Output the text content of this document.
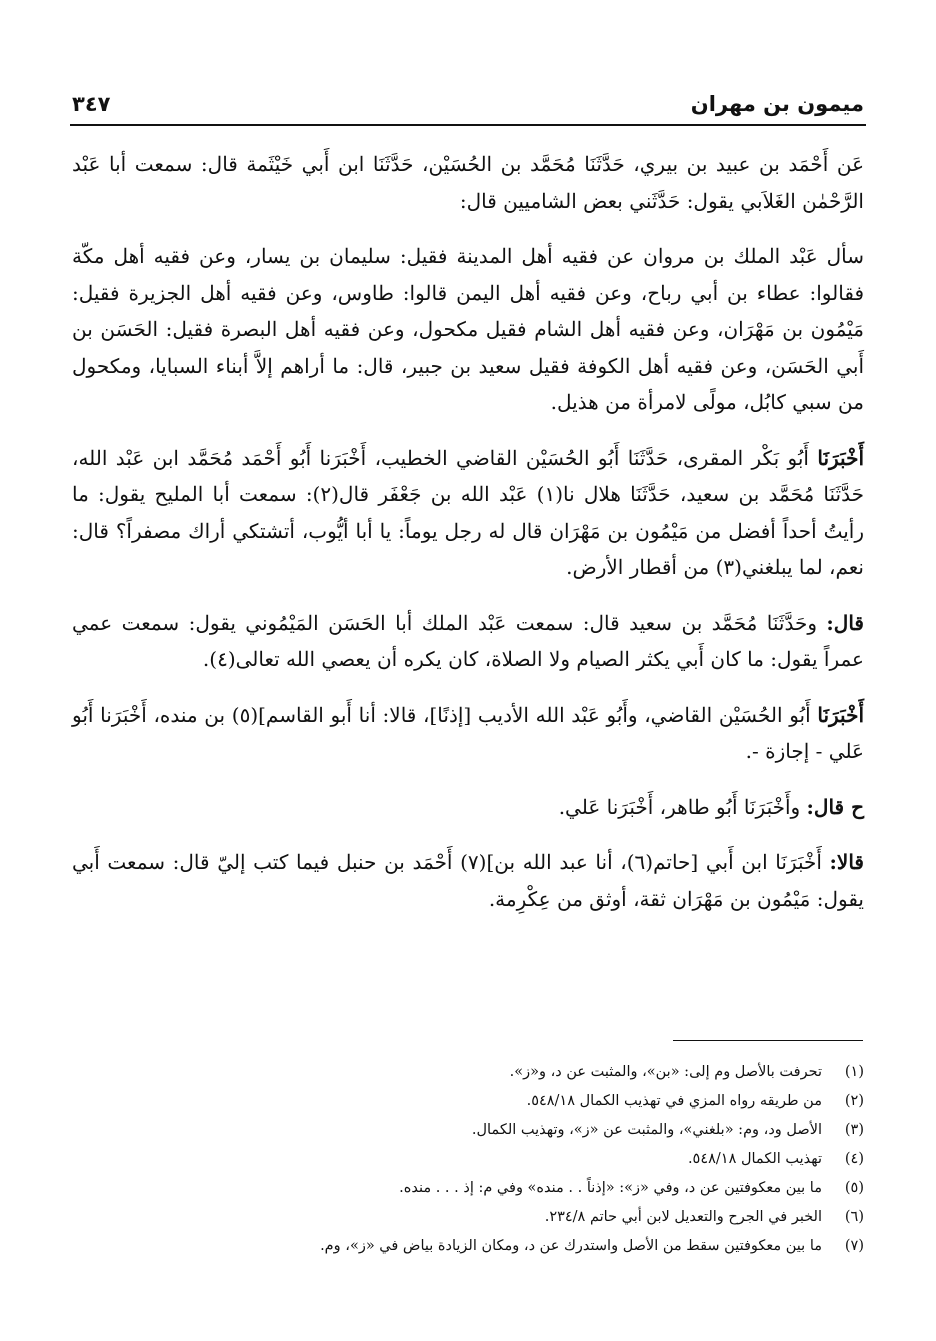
ميمون بن مهران
٣٤٧

عَن أَحْمَد بن عبيد بن بيري، حَدَّثَنَا مُحَمَّد بن الحُسَيْن، حَدَّثَنَا ابن أَبي خَيْثَمة قال: سمعت أبا عَبْد الرَّحْمٰن الغَلاَبي يقول: حَدَّثَني بعض الشاميين قال:

سأل عَبْد الملك بن مروان عن فقيه أهل المدينة فقيل: سليمان بن يسار، وعن فقيه أهل مكّة فقالوا: عطاء بن أبي رباح، وعن فقيه أهل اليمن قالوا: طاوس، وعن فقيه أهل الجزيرة فقيل: مَيْمُون بن مَهْرَان، وعن فقيه أهل الشام فقيل مكحول، وعن فقيه أهل البصرة فقيل: الحَسَن بن أَبي الحَسَن، وعن فقيه أهل الكوفة فقيل سعيد بن جبير، قال: ما أراهم إلاَّ أبناء السبايا، ومكحول من سبي كابُل، مولًى لامرأة من هذيل.

أَخْبَرَنَا أَبُو بَكْر المقرى، حَدَّثَنَا أَبُو الحُسَيْن القاضي الخطيب، أَخْبَرَنا أَبُو أَحْمَد مُحَمَّد ابن عَبْد الله، حَدَّثَنَا مُحَمَّد بن سعيد، حَدَّثَنَا هلال نا(١) عَبْد الله بن جَعْفَر قال(٢): سمعت أبا المليح يقول: ما رأيتُ أحداً أفضل من مَيْمُون بن مَهْرَان قال له رجل يوماً: يا أبا أيُّوب، أتشتكي أراك مصفراً؟ قال: نعم، لما يبلغني(٣) من أقطار الأرض.

قال: وحَدَّثَنَا مُحَمَّد بن سعيد قال: سمعت عَبْد الملك أبا الحَسَن المَيْمُوني يقول: سمعت عمي عمراً يقول: ما كان أَبي يكثر الصيام ولا الصلاة، كان يكره أن يعصي الله تعالى(٤).

أَخْبَرَنَا أَبُو الحُسَيْن القاضي، وأَبُو عَبْد الله الأديب [إذنًا]، قالا: أنا أَبو القاسم](٥) بن منده، أَخْبَرَنا أَبُو عَلي - إجازة -.

ح قال: وأَخْبَرَنَا أَبُو طاهر، أَخْبَرَنا عَلي.

قالا: أَخْبَرَنَا ابن أَبي [حاتم(٦)، أنا عبد الله بن](٧) أَحْمَد بن حنبل فيما كتب إليّ قال: سمعت أَبي يقول: مَيْمُون بن مَهْرَان ثقة، أوثق من عِكْرِمة.

(١)
تحرفت بالأصل وم إلى: «بن»، والمثبت عن د، و«ز».
(٢)
من طريقه رواه المزي في تهذيب الكمال ٥٤٨/١٨.
(٣)
الأصل ود، وم: «بلغني»، والمثبت عن «ز»، وتهذيب الكمال.
(٤)
تهذيب الكمال ٥٤٨/١٨.
(٥)
ما بين معكوفتين عن د، وفي «ز»: «إذناً . . منده» وفي م: إذ . . . منده.
(٦)
الخبر في الجرح والتعديل لابن أبي حاتم ٢٣٤/٨.
(٧)
ما بين معكوفتين سقط من الأصل واستدرك عن د، ومكان الزيادة بياض في «ز»، وم.
